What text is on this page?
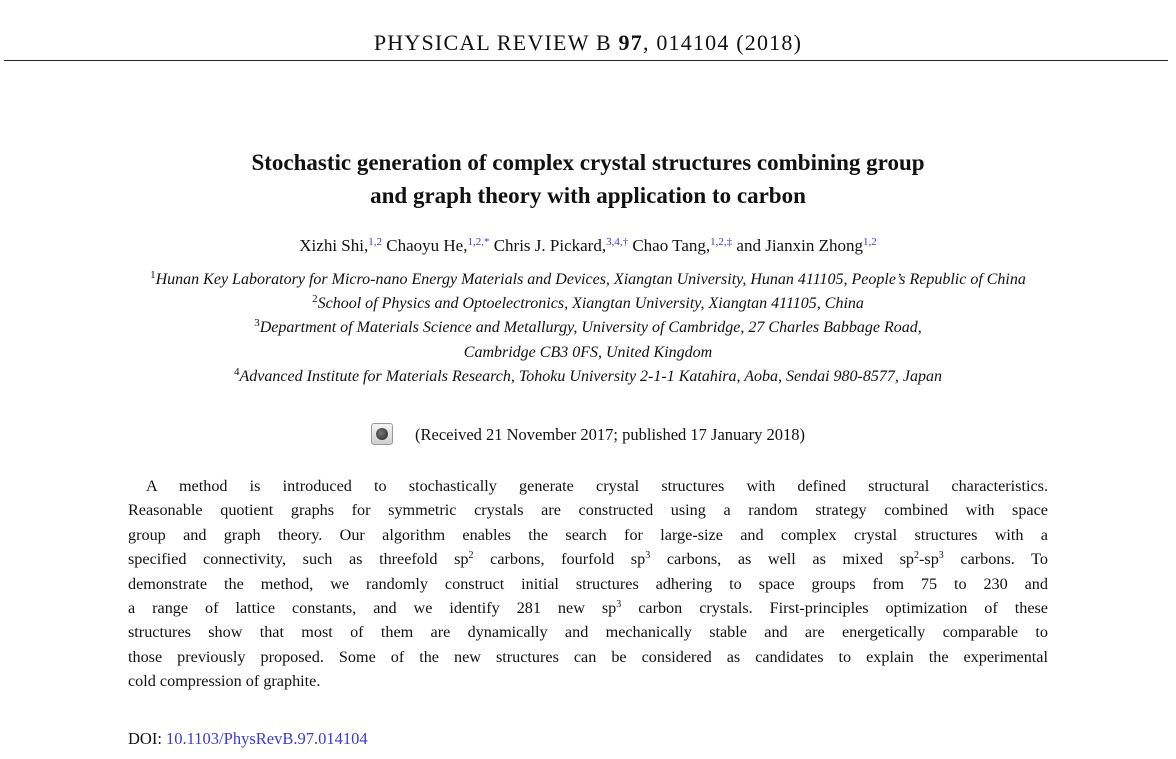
PHYSICAL REVIEW B 97, 014104 (2018)
Stochastic generation of complex crystal structures combining group
and graph theory with application to carbon
Xizhi Shi,$^{1,2}$ Chaoyu He,$^{1,2,*}$ Chris J. Pickard,$^{3,4,\dagger}$ Chao Tang,$^{1,2,\ddagger}$ and Jianxin Zhong$^{1,2}$
$^1$Hunan Key Laboratory for Micro-nano Energy Materials and Devices, Xiangtan University, Hunan 411105, People’s Republic of China
$^2$School of Physics and Optoelectronics, Xiangtan University, Xiangtan 411105, China
$^3$Department of Materials Science and Metallurgy, University of Cambridge, 27 Charles Babbage Road,
Cambridge CB3 0FS, United Kingdom
$^4$Advanced Institute for Materials Research, Tohoku University 2-1-1 Katahira, Aoba, Sendai 980-8577, Japan
(Received 21 November 2017; published 17 January 2018)
A method is introduced to stochastically generate crystal structures with defined structural characteristics.
Reasonable quotient graphs for symmetric crystals are constructed using a random strategy combined with space
group and graph theory. Our algorithm enables the search for large-size and complex crystal structures with a
specified connectivity, such as threefold $sp^2$ carbons, fourfold $sp^3$ carbons, as well as mixed $sp^2-sp^3$ carbons. To
demonstrate the method, we randomly construct initial structures adhering to space groups from 75 to 230 and
a range of lattice constants, and we identify 281 new $sp^3$ carbon crystals. First-principles optimization of these
structures show that most of them are dynamically and mechanically stable and are energetically comparable to
those previously proposed. Some of the new structures can be considered as candidates to explain the experimental
cold compression of graphite.
DOI: 10.1103/PhysRevB.97.014104
